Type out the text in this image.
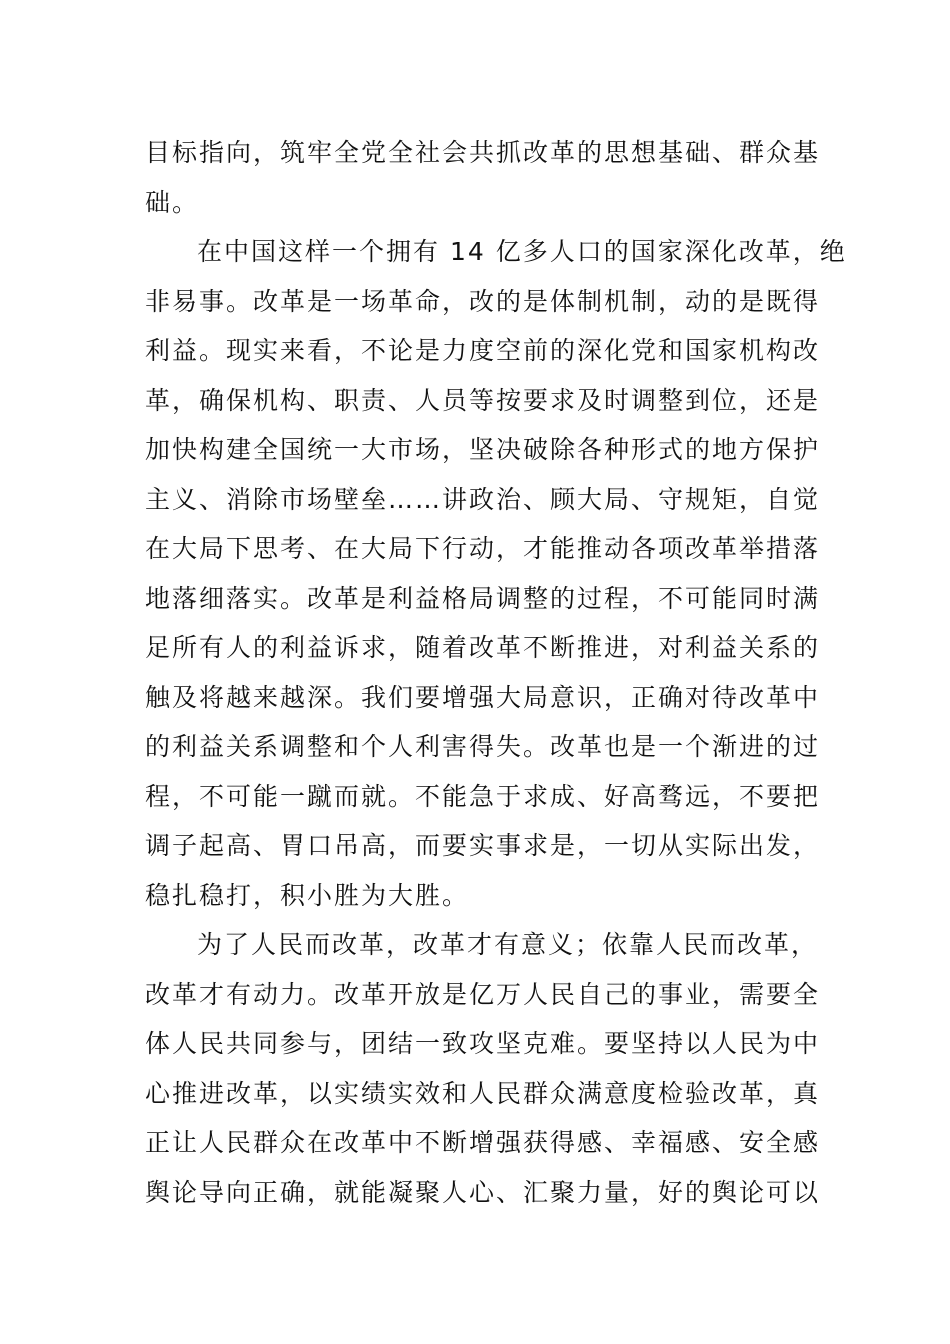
目标指向，筑牢全党全社会共抓改革的思想基础、群众基
础。
在中国这样一个拥有 14 亿多人口的国家深化改革，绝
非易事。改革是一场革命，改的是体制机制，动的是既得
利益。现实来看，不论是力度空前的深化党和国家机构改
革，确保机构、职责、人员等按要求及时调整到位，还是
加快构建全国统一大市场，坚决破除各种形式的地方保护
主义、消除市场壁垒……讲政治、顾大局、守规矩，自觉
在大局下思考、在大局下行动，才能推动各项改革举措落
地落细落实。改革是利益格局调整的过程，不可能同时满
足所有人的利益诉求，随着改革不断推进，对利益关系的
触及将越来越深。我们要增强大局意识，正确对待改革中
的利益关系调整和个人利害得失。改革也是一个渐进的过
程，不可能一蹴而就。不能急于求成、好高骛远，不要把
调子起高、胃口吊高，而要实事求是，一切从实际出发，
稳扎稳打，积小胜为大胜。
为了人民而改革，改革才有意义；依靠人民而改革，
改革才有动力。改革开放是亿万人民自己的事业，需要全
体人民共同参与，团结一致攻坚克难。要坚持以人民为中
心推进改革，以实绩实效和人民群众满意度检验改革，真
正让人民群众在改革中不断增强获得感、幸福感、安全感
舆论导向正确，就能凝聚人心、汇聚力量，好的舆论可以
